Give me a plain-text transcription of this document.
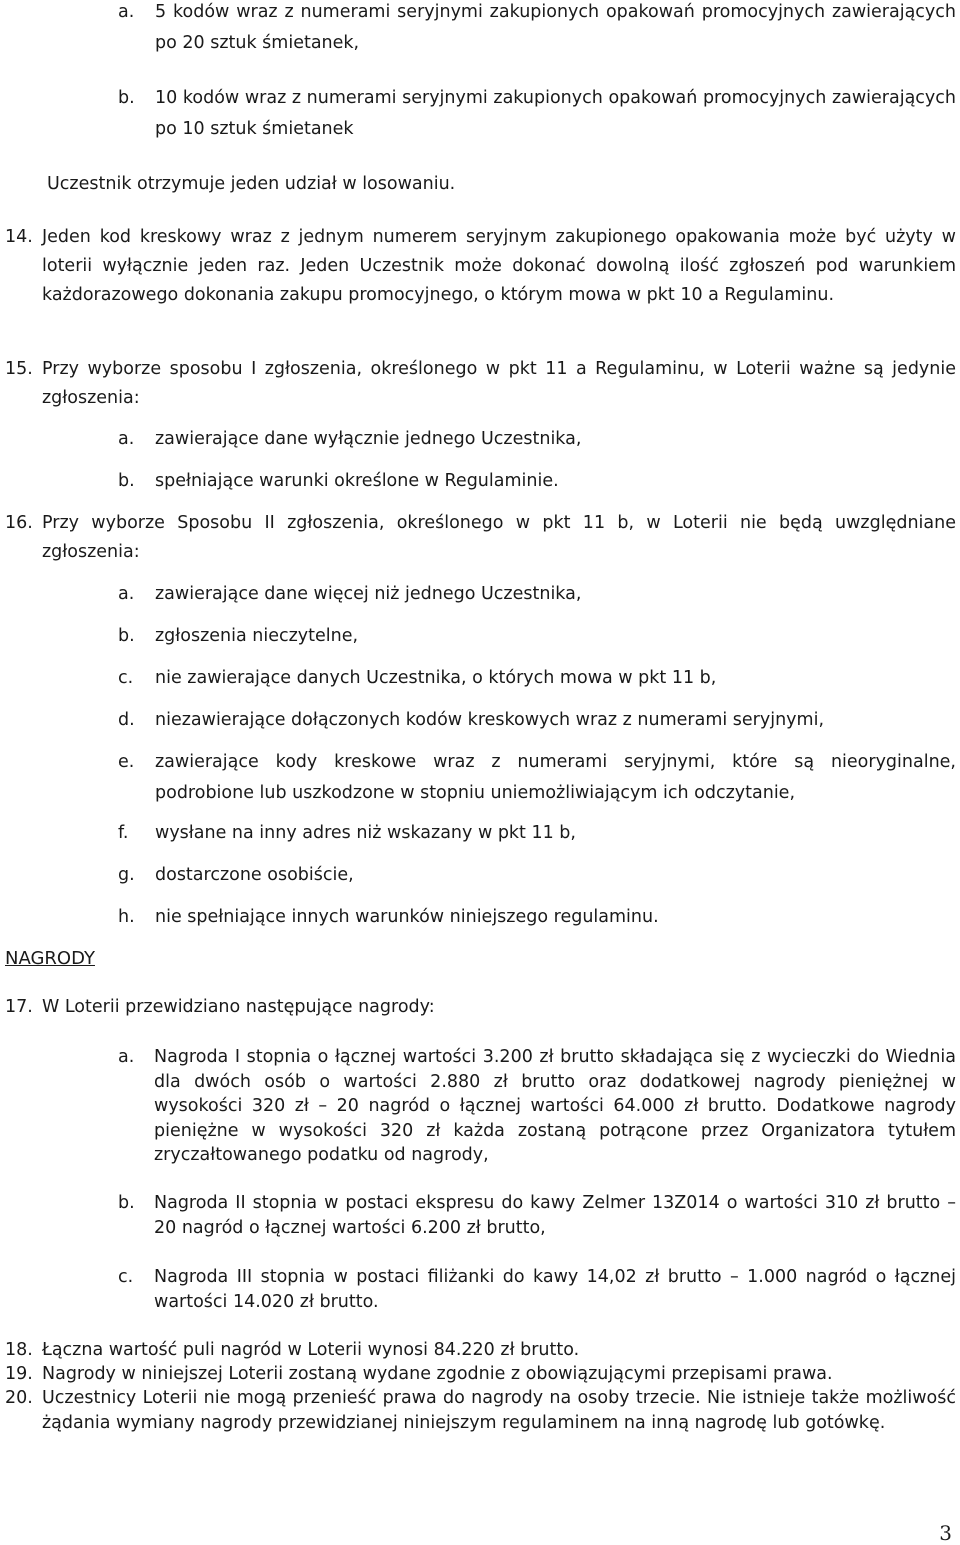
a. 5 kodów wraz z numerami seryjnymi zakupionych opakowań promocyjnych zawierających po 20 sztuk śmietanek,
b. 10 kodów wraz z numerami seryjnymi zakupionych opakowań promocyjnych zawierających po 10 sztuk śmietanek
Uczestnik otrzymuje jeden udział w losowaniu.
14. Jeden kod kreskowy wraz z jednym numerem seryjnym zakupionego opakowania może być użyty w loterii wyłącznie jeden raz. Jeden Uczestnik może dokonać dowolną ilość zgłoszeń pod warunkiem każdorazowego dokonania zakupu promocyjnego, o którym mowa w pkt 10 a Regulaminu.
15. Przy wyborze sposobu I zgłoszenia, określonego w pkt 11 a Regulaminu, w Loterii ważne są jedynie zgłoszenia:
a. zawierające dane wyłącznie jednego Uczestnika,
b. spełniające warunki określone w Regulaminie.
16. Przy wyborze Sposobu II zgłoszenia, określonego w pkt 11 b, w Loterii nie będą uwzględniane zgłoszenia:
a. zawierające dane więcej niż jednego Uczestnika,
b. zgłoszenia nieczytelne,
c. nie zawierające danych Uczestnika, o których mowa w pkt 11 b,
d. niezawierające dołączonych kodów kreskowych wraz z numerami seryjnymi,
e. zawierające kody kreskowe wraz z numerami seryjnymi, które są nieoryginalne, podrobione lub uszkodzone w stopniu uniemożliwiającym ich odczytanie,
f. wysłane na inny adres niż wskazany w pkt 11 b,
g. dostarczone osobiście,
h. nie spełniające innych warunków niniejszego regulaminu.
NAGRODY
17. W Loterii przewidziano następujące nagrody:
a. Nagroda I stopnia o łącznej wartości 3.200 zł brutto składająca się z wycieczki do Wiednia dla dwóch osób o wartości 2.880 zł brutto oraz dodatkowej nagrody pieniężnej w wysokości 320 zł – 20 nagród o łącznej wartości 64.000 zł brutto. Dodatkowe nagrody pieniężne w wysokości 320 zł każda zostaną potrącone przez Organizatora tytułem zryczałtowanego podatku od nagrody,
b. Nagroda II stopnia w postaci ekspresu do kawy Zelmer 13Z014 o wartości 310 zł brutto – 20 nagród o łącznej wartości 6.200 zł brutto,
c. Nagroda III stopnia w postaci filiżanki do kawy 14,02 zł brutto – 1.000 nagród o łącznej wartości 14.020 zł brutto.
18. Łączna wartość puli nagród w Loterii wynosi 84.220 zł brutto.
19. Nagrody w niniejszej Loterii zostaną wydane zgodnie z obowiązującymi przepisami prawa.
20. Uczestnicy Loterii nie mogą przenieść prawa do nagrody na osoby trzecie. Nie istnieje także możliwość żądania wymiany nagrody przewidzianej niniejszym regulaminem na inną nagrodę lub gotówkę.
3
